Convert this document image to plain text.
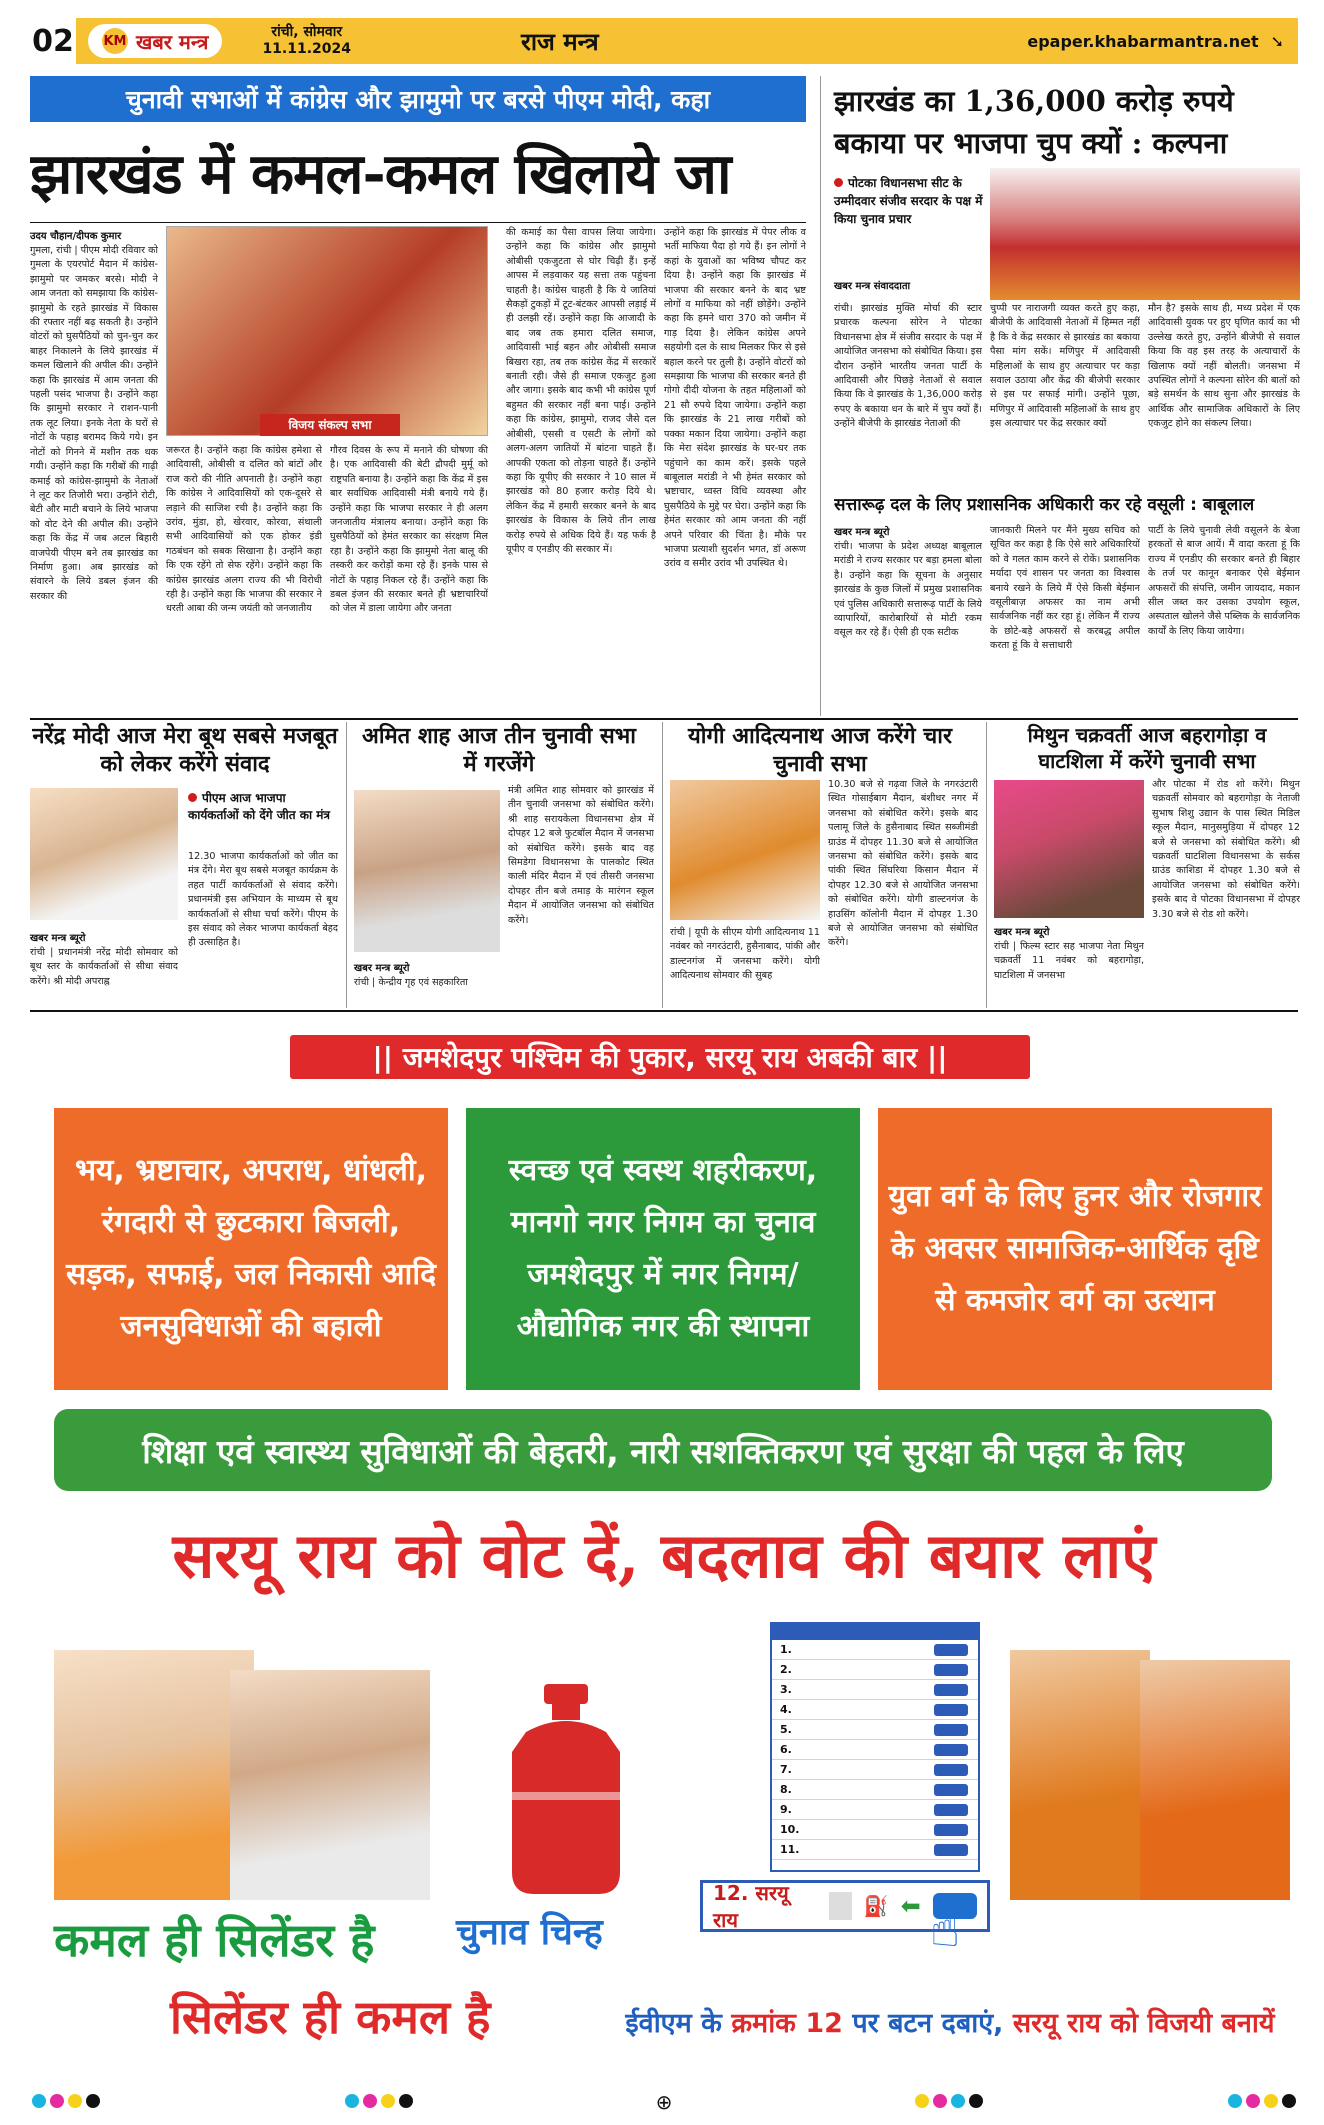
02 KM खबर मन्त्र	रांची, सोमवार
11.11.2024	राज मन्त्र	epaper.khabarmantra.net ➘
चुनावी सभाओं में कांग्रेस और झामुमो पर बरसे पीएम मोदी, कहा
झारखंड में कमल-कमल खिलाये जा
उदय चौहान/दीपक कुमार
गुमला, रांची | पीएम मोदी रविवार को गुमला के एयरपोर्ट मैदान में कांग्रेस-झामुमो पर जमकर बरसे। मोदी ने आम जनता को समझाया कि कांग्रेस-झामुमो के रहते झारखंड में विकास की रफ्तार नहीं बढ़ सकती है। उन्होंने वोटरों को घुसपैठियों को चुन-चुन कर बाहर निकालने के लिये झारखंड में कमल खिलाने की अपील की। उन्होंने कहा कि झारखंड में आम जनता की पहली पसंद भाजपा है। उन्होंने कहा कि झामुमो सरकार ने राशन-पानी तक लूट लिया। इनके नेता के घरों से नोटों के पहाड़ बरामद किये गये। इन नोटों को गिनने में मशीन तक थक गयी। उन्होंने कहा कि गरीबों की गाढ़ी कमाई को कांग्रेस-झामुमो के नेताओं ने लूट कर तिजोरी भरा। उन्होंने रोटी, बेटी और माटी बचाने के लिये भाजपा को वोट देने की अपील की। उन्होंने कहा कि केंद्र में जब अटल बिहारी वाजपेयी पीएम बने तब झारखंड का निर्माण हुआ। अब झारखंड को संवारने के लिये डबल इंजन की सरकार की
विजय संकल्प सभा
जरूरत है। उन्होंने कहा कि कांग्रेस हमेशा से आदिवासी, ओबीसी व दलित को बांटों और राज करो की नीति अपनाती है। उन्होंने कहा कि कांग्रेस ने आदिवासियों को एक-दूसरे से लड़ाने की साजिश रची है। उन्होंने कहा कि उरांव, मुंडा, हो, खेरवार, कोरवा, संथाली सभी आदिवासियों को एक होकर इंडी गठबंधन को सबक सिखाना है। उन्होंने कहा कि एक रहेंगे तो सेफ रहेंगे। उन्होंने कहा कि कांग्रेस झारखंड अलग राज्य की भी विरोधी रही है। उन्होंने कहा कि भाजपा की सरकार ने धरती आबा की जन्म जयंती को जनजातीय
गौरव दिवस के रूप में मनाने की घोषणा की है। एक आदिवासी की बेटी द्रौपदी मुर्मू को राष्ट्रपति बनाया है। उन्होंने कहा कि केंद्र में इस बार सर्वाधिक आदिवासी मंत्री बनाये गये हैं। उन्होंने कहा कि भाजपा सरकार ने ही अलग जनजातीय मंत्रालय बनाया। उन्होंने कहा कि घुसपैठियों को हेमंत सरकार का संरक्षण मिल रहा है। उन्होंने कहा कि झामुमो नेता बालू की तस्करी कर करोड़ों कमा रहे हैं। इनके पास से नोटों के पहाड़ निकल रहे हैं। उन्होंने कहा कि डबल इंजन की सरकार बनते ही भ्रष्टाचारियों को जेल में डाला जायेगा और जनता
की कमाई का पैसा वापस लिया जायेगा। उन्होंने कहा कि कांग्रेस और झामुमो ओबीसी एकजुटता से घोर चिढ़ी हैं। इन्हें आपस में लड़वाकर यह सत्ता तक पहुंचना चाहती है। कांग्रेस चाहती है कि ये जातियां सैकड़ों टुकड़ों में टूट-बंटकर आपसी लड़ाई में ही उलझी रहें। उन्होंने कहा कि आजादी के बाद जब तक हमारा दलित समाज, आदिवासी भाई बहन और ओबीसी समाज बिखरा रहा, तब तक कांग्रेस केंद्र में सरकारें बनाती रही। जैसे ही समाज एकजुट हुआ और जागा। इसके बाद कभी भी कांग्रेस पूर्ण बहुमत की सरकार नहीं बना पाई। उन्होंने कहा कि कांग्रेस, झामुमो, राजद जैसे दल ओबीसी, एससी व एसटी के लोगों को अलग-अलग जातियों में बांटना चाहते हैं। आपकी एकता को तोड़ना चाहते हैं। उन्होंने कहा कि यूपीए की सरकार ने 10 साल में झारखंड को 80 हजार करोड़ दिये थे। लेकिन केंद्र में हमारी सरकार बनने के बाद झारखंड के विकास के लिये तीन लाख करोड़ रुपये से अधिक दिये हैं। यह फर्क है यूपीए व एनडीए की सरकार में।
उन्होंने कहा कि झारखंड में पेपर लीक व भर्ती माफिया पैदा हो गये हैं। इन लोगों ने कहां के युवाओं का भविष्य चौपट कर दिया है। उन्होंने कहा कि झारखंड में भाजपा की सरकार बनने के बाद भ्रष्ट लोगों व माफिया को नहीं छोड़ेंगे। उन्होंने कहा कि हमने धारा 370 को जमीन में गाड़ दिया है। लेकिन कांग्रेस अपने सहयोगी दल के साथ मिलकर फिर से इसे बहाल करने पर तुली है। उन्होंने वोटरों को समझाया कि भाजपा की सरकार बनते ही गोगो दीदी योजना के तहत महिलाओं को 21 सौ रुपये दिया जायेगा। उन्होंने कहा कि झारखंड के 21 लाख गरीबों को पक्का मकान दिया जायेगा। उन्होंने कहा कि मेरा संदेश झारखंड के घर-घर तक पहुंचाने का काम करें। इसके पहले बाबूलाल मरांडी ने भी हेमंत सरकार को भ्रष्टाचार, ध्वस्त विधि व्यवस्था और घुसपैठिये के मुद्दे पर घेरा। उन्होंने कहा कि हेमंत सरकार को आम जनता की नहीं अपने परिवार की चिंता है। मौके पर भाजपा प्रत्याशी सुदर्शन भगत, डॉ अरूण उरांव व समीर उरांव भी उपस्थित थे।
झारखंड का 1,36,000 करोड़ रुपये बकाया पर भाजपा चुप क्यों : कल्पना
पोटका विधानसभा सीट के उम्मीदवार संजीव सरदार के पक्ष में किया चुनाव प्रचार
खबर मन्त्र संवाददाता
रांची। झारखंड मुक्ति मोर्चा की स्टार प्रचारक कल्पना सोरेन ने पोटका विधानसभा क्षेत्र में संजीव सरदार के पक्ष में आयोजित जनसभा को संबोधित किया। इस दौरान उन्होंने भारतीय जनता पार्टी के आदिवासी और पिछड़े नेताओं से सवाल किया कि वे झारखंड के 1,36,000 करोड़ रुपए के बकाया धन के बारे में चुप क्यों हैं। उन्होंने बीजेपी के झारखंड नेताओं की
चुप्पी पर नाराजगी व्यक्त करते हुए कहा, बीजेपी के आदिवासी नेताओं में हिम्मत नहीं है कि वे केंद्र सरकार से झारखंड का बकाया पैसा मांग सकें। मणिपुर में आदिवासी महिलाओं के साथ हुए अत्याचार पर कड़ा सवाल उठाया और केंद्र की बीजेपी सरकार से इस पर सफाई मांगी। उन्होंने पूछा, मणिपुर में आदिवासी महिलाओं के साथ हुए इस अत्याचार पर केंद्र सरकार क्यों
मौन है? इसके साथ ही, मध्य प्रदेश में एक आदिवासी युवक पर हुए घृणित कार्य का भी उल्लेख करते हुए, उन्होंने बीजेपी से सवाल किया कि वह इस तरह के अत्याचारों के खिलाफ क्यों नहीं बोलती। जनसभा में उपस्थित लोगों ने कल्पना सोरेन की बातों को बड़े समर्थन के साथ सुना और झारखंड के आर्थिक और सामाजिक अधिकारों के लिए एकजुट होने का संकल्प लिया।
सत्तारूढ़ दल के लिए प्रशासनिक अधिकारी कर रहे वसूली : बाबूलाल
खबर मन्त्र ब्यूरो
रांची। भाजपा के प्रदेश अध्यक्ष बाबूलाल मरांडी ने राज्य सरकार पर बड़ा हमला बोला है। उन्होंने कहा कि सूचना के अनुसार झारखंड के कुछ जिलों में प्रमुख प्रशासनिक एवं पुलिस अधिकारी सत्तारूढ़ पार्टी के लिये व्यापारियों, कारोबारियों से मोटी रकम वसूल कर रहे हैं। ऐसी ही एक सटीक
जानकारी मिलने पर मैंने मुख्य सचिव को सूचित कर कहा है कि ऐसे सारे अधिकारियों को वे गलत काम करने से रोकें। प्रशासनिक मर्यादा एवं शासन पर जनता का विश्वास बनाये रखने के लिये मैं ऐसे किसी बेईमान वसूलीबाज़ अफसर का नाम अभी सार्वजनिक नहीं कर रहा हूं। लेकिन मैं राज्य के छोटे-बड़े अफसरों से करबद्ध अपील करता हूं कि वे सत्ताधारी
पार्टी के लिये चुनावी लेवी वसूलने के बेजा हरकतों से बाज आयें। मैं वादा करता हूं कि राज्य में एनडीए की सरकार बनते ही बिहार के तर्ज पर कानून बनाकर ऐसे बेईमान अफसरों की संपत्ति, जमीन जायदाद, मकान सील जब्त कर उसका उपयोग स्कूल, अस्पताल खोलने जैसे पब्लिक के सार्वजनिक कार्यों के लिए किया जायेगा।
नरेंद्र मोदी आज मेरा बूथ सबसे मजबूत को लेकर करेंगे संवाद
पीएम आज भाजपा कार्यकर्ताओं को देंगे जीत का मंत्र
खबर मन्त्र ब्यूरो
रांची | प्रधानमंत्री नरेंद्र मोदी सोमवार को बूथ स्तर के कार्यकर्ताओं से सीधा संवाद करेंगे। श्री मोदी अपराह्न
12.30 भाजपा कार्यकर्ताओं को जीत का मंत्र देंगे। मेरा बूथ सबसे मजबूत कार्यक्रम के तहत पार्टी कार्यकर्ताओं से संवाद करेंगे। प्रधानमंत्री इस अभियान के माध्यम से बूथ कार्यकर्ताओं से सीधा चर्चा करेंगे। पीएम के इस संवाद को लेकर भाजपा कार्यकर्ता बेहद ही उत्साहित है।
अमित शाह आज तीन चुनावी सभा में गरजेंगे
खबर मन्त्र ब्यूरो
रांची | केन्द्रीय गृह एवं सहकारिता
मंत्री अमित शाह सोमवार को झारखंड में तीन चुनावी जनसभा को संबोधित करेंगे। श्री शाह सरायकेला विधानसभा क्षेत्र में दोपहर 12 बजे फुटबॉल मैदान में जनसभा को संबोधित करेंगे। इसके बाद वह सिमडेगा विधानसभा के पालकोट स्थित काली मंदिर मैदान में एवं तीसरी जनसभा दोपहर तीन बजे तमाड़ के मारंगन स्कूल मैदान में आयोजित जनसभा को संबोधित करेंगे।
योगी आदित्यनाथ आज करेंगे चार चुनावी सभा
रांची | यूपी के सीएम योगी आदित्यनाथ 11 नवंबर को नगरउंटारी, हुसैनाबाद, पांकी और डाल्टनगंज में जनसभा करेंगे। योगी आदित्यनाथ सोमवार की सुबह
10.30 बजे से गढ़वा जिले के नगरउंटारी स्थित गोसाईबाग मैदान, बंशीधर नगर में जनसभा को संबोधित करेंगे। इसके बाद पलामू जिले के हुसैनाबाद स्थित सब्जीमंडी ग्राउंड में दोपहर 11.30 बजे से आयोजित जनसभा को संबोधित करेंगे। इसके बाद पांकी स्थित सिंघरिया किसान मैदान में दोपहर 12.30 बजे से आयोजित जनसभा को संबोधित करेंगे। योगी डाल्टनगंज के हाउसिंग कॉलोनी मैदान में दोपहर 1.30 बजे से आयोजित जनसभा को संबोधित करेंगे।
मिथुन चक्रवर्ती आज बहरागोड़ा व घाटशिला में करेंगे चुनावी सभा
खबर मन्त्र ब्यूरो
रांची | फिल्म स्टार सह भाजपा नेता मिथुन चक्रवर्ती 11 नवंबर को बहरागोड़ा, घाटशिला में जनसभा
और पोटका में रोड शो करेंगे। मिथुन चक्रवर्ती सोमवार को बहरागोड़ा के नेताजी सुभाष शिशु उद्यान के पास स्थित मिडिल स्कूल मैदान, मानुसमुड़िया में दोपहर 12 बजे से जनसभा को संबोधित करेंगे। श्री चक्रवर्ती घाटशिला विधानसभा के सर्कस ग्राउंड काशिडा में दोपहर 1.30 बजे से आयोजित जनसभा को संबोधित करेंगे। इसके बाद वे पोटका विधानसभा में दोपहर 3.30 बजे से रोड शो करेंगे।
|| जमशेदपुर पश्चिम की पुकार, सरयू राय अबकी बार ||
भय, भ्रष्टाचार, अपराध, धांधली, रंगदारी से छुटकारा बिजली, सड़क, सफाई, जल निकासी आदि जनसुविधाओं की बहाली
स्वच्छ एवं स्वस्थ शहरीकरण, मानगो नगर निगम का चुनाव जमशेदपुर में नगर निगम/ औद्योगिक नगर की स्थापना
युवा वर्ग के लिए हुनर और रोजगार के अवसर सामाजिक-आर्थिक दृष्टि से कमजोर वर्ग का उत्थान
शिक्षा एवं स्वास्थ्य सुविधाओं की बेहतरी, नारी सशक्तिकरण एवं सुरक्षा की पहल के लिए
सरयू राय को वोट दें, बदलाव की बयार लाएं
चुनाव चिन्ह
1.
2.
3.
4.
5.
6.
7.
8.
9.
10.
11.
12. सरयू राय
⛽ ⬅ ☝
कमल ही सिलेंडर है
सिलेंडर ही कमल है	ईवीएम के क्रमांक 12 पर बटन दबाएं, सरयू राय को विजयी बनायें
⊕
